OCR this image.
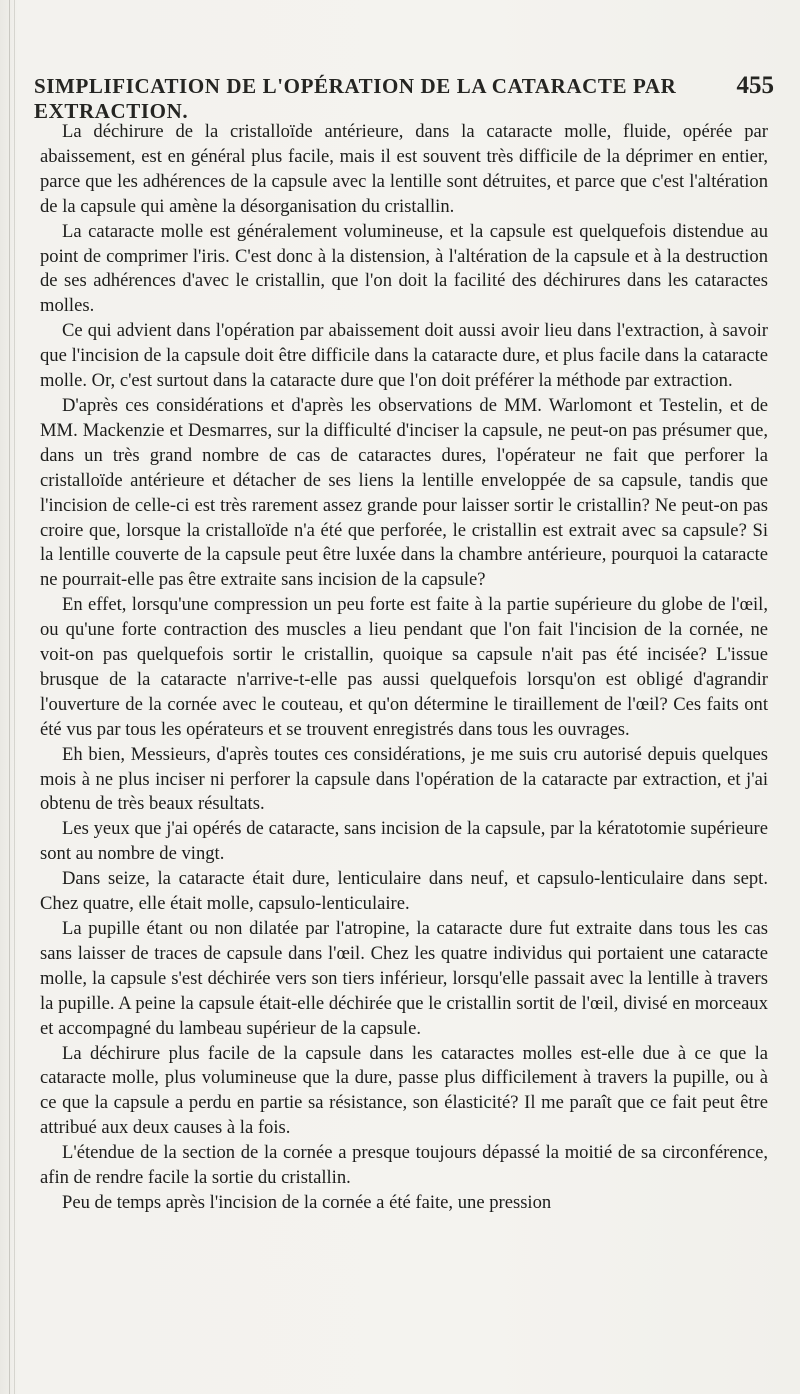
SIMPLIFICATION DE L'OPÉRATION DE LA CATARACTE PAR EXTRACTION.
455

La déchirure de la cristalloïde antérieure, dans la cataracte molle, fluide, opérée par abaissement, est en général plus facile, mais il est souvent très difficile de la déprimer en entier, parce que les adhérences de la capsule avec la lentille sont détruites, et parce que c'est l'altération de la capsule qui amène la désorganisation du cristallin.

La cataracte molle est généralement volumineuse, et la capsule est quelquefois distendue au point de comprimer l'iris. C'est donc à la distension, à l'altération de la capsule et à la destruction de ses adhérences d'avec le cristallin, que l'on doit la facilité des déchirures dans les cataractes molles.

Ce qui advient dans l'opération par abaissement doit aussi avoir lieu dans l'extraction, à savoir que l'incision de la capsule doit être difficile dans la cataracte dure, et plus facile dans la cataracte molle. Or, c'est surtout dans la cataracte dure que l'on doit préférer la méthode par extraction.

D'après ces considérations et d'après les observations de MM. Warlomont et Testelin, et de MM. Mackenzie et Desmarres, sur la difficulté d'inciser la capsule, ne peut-on pas présumer que, dans un très grand nombre de cas de cataractes dures, l'opérateur ne fait que perforer la cristalloïde antérieure et détacher de ses liens la lentille enveloppée de sa capsule, tandis que l'incision de celle-ci est très rarement assez grande pour laisser sortir le cristallin? Ne peut-on pas croire que, lorsque la cristalloïde n'a été que perforée, le cristallin est extrait avec sa capsule? Si la lentille couverte de la capsule peut être luxée dans la chambre antérieure, pourquoi la cataracte ne pourrait-elle pas être extraite sans incision de la capsule?

En effet, lorsqu'une compression un peu forte est faite à la partie supérieure du globe de l'œil, ou qu'une forte contraction des muscles a lieu pendant que l'on fait l'incision de la cornée, ne voit-on pas quelquefois sortir le cristallin, quoique sa capsule n'ait pas été incisée? L'issue brusque de la cataracte n'arrive-t-elle pas aussi quelquefois lorsqu'on est obligé d'agrandir l'ouverture de la cornée avec le couteau, et qu'on détermine le tiraillement de l'œil? Ces faits ont été vus par tous les opérateurs et se trouvent enregistrés dans tous les ouvrages.

Eh bien, Messieurs, d'après toutes ces considérations, je me suis cru autorisé depuis quelques mois à ne plus inciser ni perforer la capsule dans l'opération de la cataracte par extraction, et j'ai obtenu de très beaux résultats.

Les yeux que j'ai opérés de cataracte, sans incision de la capsule, par la kératotomie supérieure sont au nombre de vingt.

Dans seize, la cataracte était dure, lenticulaire dans neuf, et capsulo-lenticulaire dans sept. Chez quatre, elle était molle, capsulo-lenticulaire.

La pupille étant ou non dilatée par l'atropine, la cataracte dure fut extraite dans tous les cas sans laisser de traces de capsule dans l'œil. Chez les quatre individus qui portaient une cataracte molle, la capsule s'est déchirée vers son tiers inférieur, lorsqu'elle passait avec la lentille à travers la pupille. A peine la capsule était-elle déchirée que le cristallin sortit de l'œil, divisé en morceaux et accompagné du lambeau supérieur de la capsule.

La déchirure plus facile de la capsule dans les cataractes molles est-elle due à ce que la cataracte molle, plus volumineuse que la dure, passe plus difficilement à travers la pupille, ou à ce que la capsule a perdu en partie sa résistance, son élasticité? Il me paraît que ce fait peut être attribué aux deux causes à la fois.

L'étendue de la section de la cornée a presque toujours dépassé la moitié de sa circonférence, afin de rendre facile la sortie du cristallin.

Peu de temps après l'incision de la cornée a été faite, une pression
